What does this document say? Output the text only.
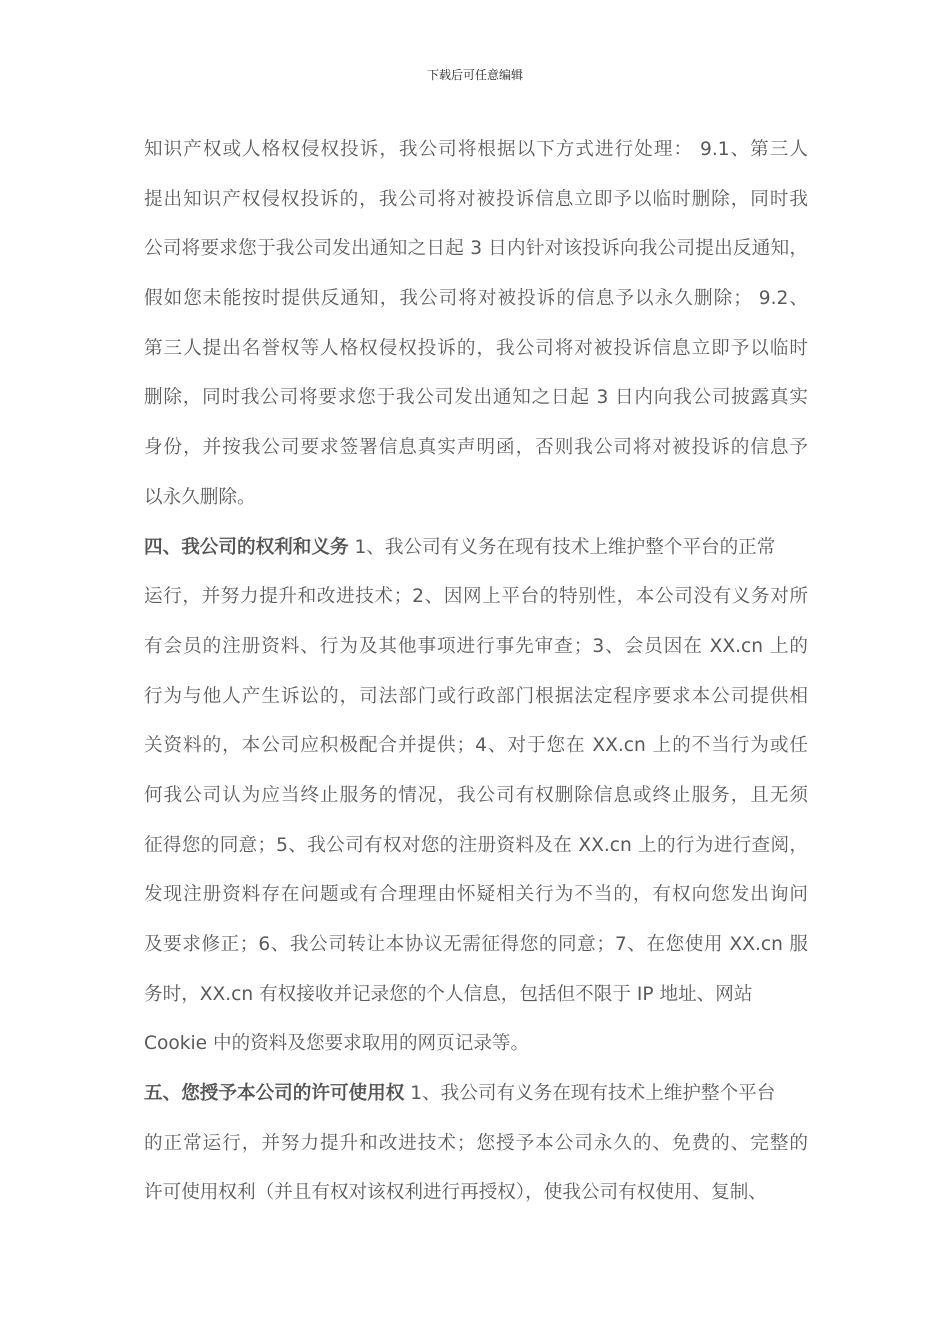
下载后可任意编辑
知识产权或人格权侵权投诉，我公司将根据以下方式进行处理： 9.1、第三人
提出知识产权侵权投诉的，我公司将对被投诉信息立即予以临时删除，同时我
公司将要求您于我公司发出通知之日起 3 日内针对该投诉向我公司提出反通知，
假如您未能按时提供反通知，我公司将对被投诉的信息予以永久删除； 9.2、
第三人提出名誉权等人格权侵权投诉的，我公司将对被投诉信息立即予以临时
删除，同时我公司将要求您于我公司发出通知之日起 3 日内向我公司披露真实
身份，并按我公司要求签署信息真实声明函，否则我公司将对被投诉的信息予
以永久删除。
四、我公司的权利和义务 1、我公司有义务在现有技术上维护整个平台的正常
运行，并努力提升和改进技术；2、因网上平台的特别性，本公司没有义务对所
有会员的注册资料、行为及其他事项进行事先审查；3、会员因在 XX.cn 上的
行为与他人产生诉讼的，司法部门或行政部门根据法定程序要求本公司提供相
关资料的，本公司应积极配合并提供；4、对于您在 XX.cn 上的不当行为或任
何我公司认为应当终止服务的情况，我公司有权删除信息或终止服务，且无须
征得您的同意；5、我公司有权对您的注册资料及在 XX.cn 上的行为进行查阅，
发现注册资料存在问题或有合理理由怀疑相关行为不当的，有权向您发出询问
及要求修正；6、我公司转让本协议无需征得您的同意；7、在您使用 XX.cn 服
务时，XX.cn 有权接收并记录您的个人信息，包括但不限于 IP 地址、网站
Cookie 中的资料及您要求取用的网页记录等。
五、您授予本公司的许可使用权 1、我公司有义务在现有技术上维护整个平台
的正常运行，并努力提升和改进技术；您授予本公司永久的、免费的、完整的
许可使用权利（并且有权对该权利进行再授权），使我公司有权使用、复制、
